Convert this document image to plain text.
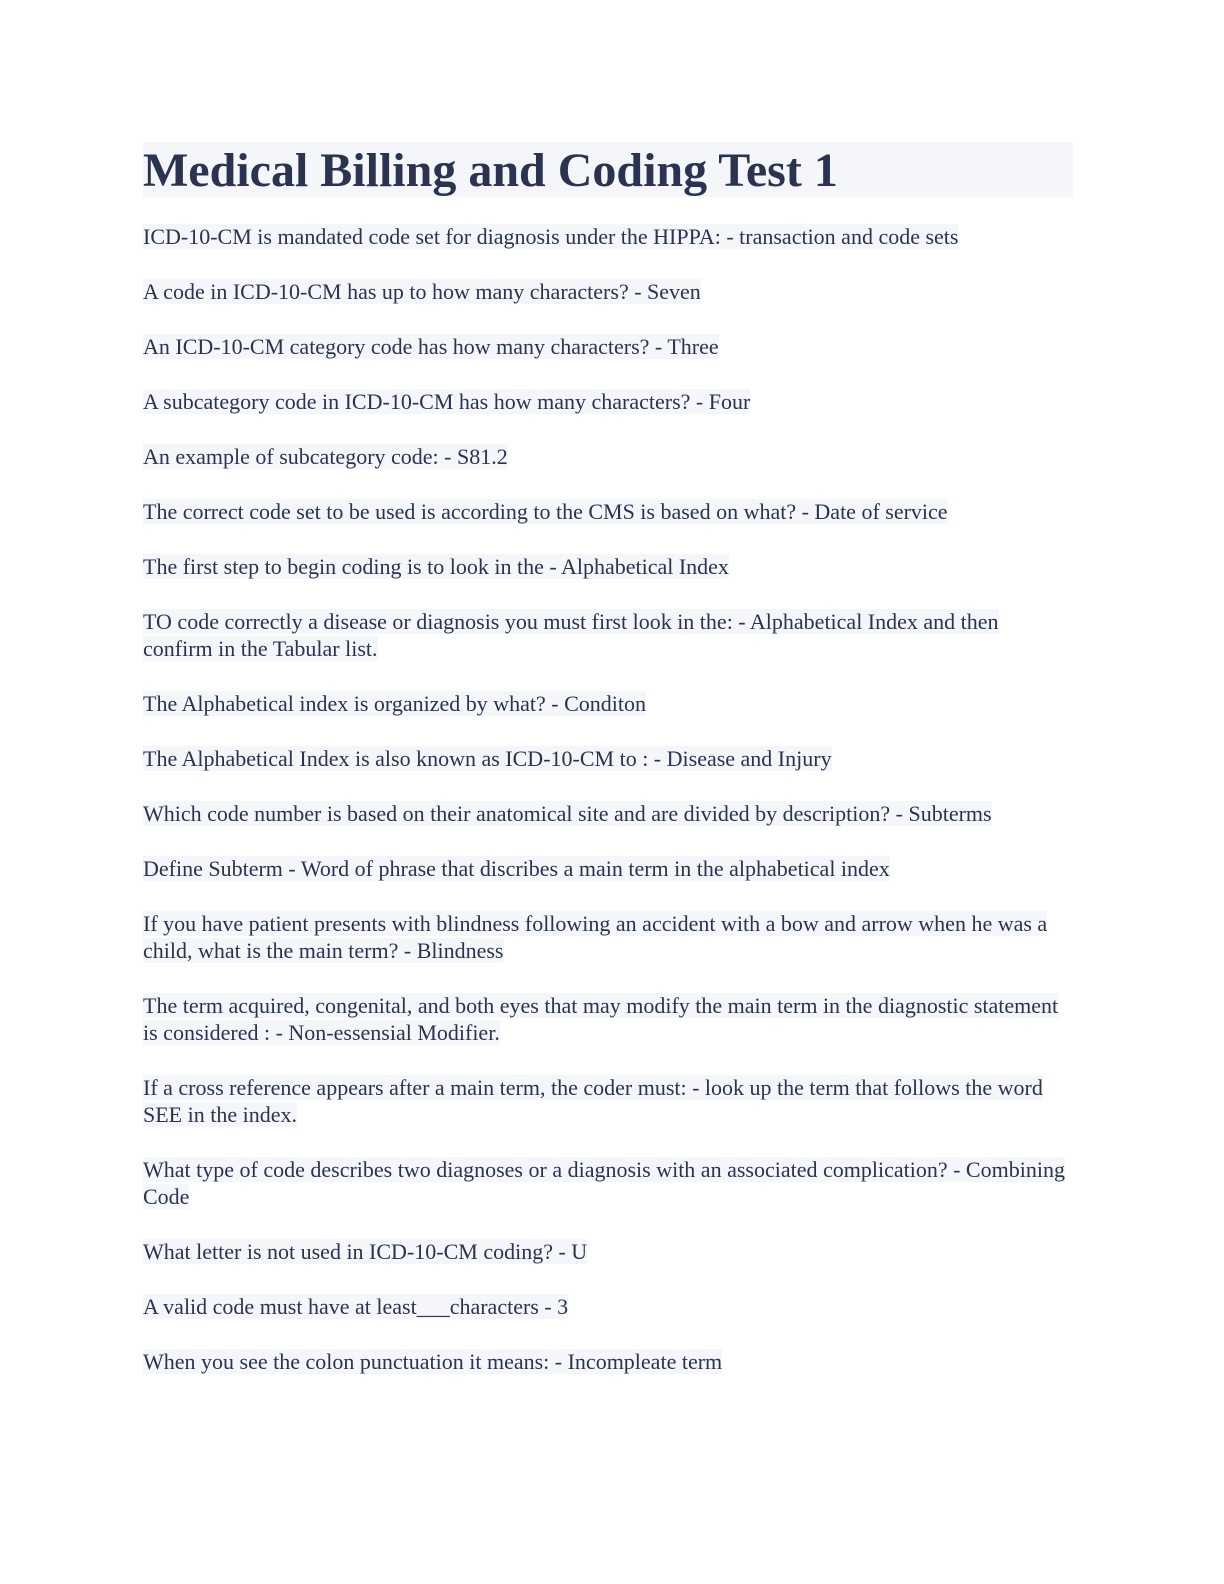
Medical Billing and Coding Test 1

ICD-10-CM is mandated code set for diagnosis under the HIPPA: - transaction and code sets

A code in ICD-10-CM has up to how many characters? - Seven

An ICD-10-CM category code has how many characters? - Three

A subcategory code in ICD-10-CM has how many characters? - Four

An example of subcategory code: - S81.2

The correct code set to be used is according to the CMS is based on what? - Date of service

The first step to begin coding is to look in the - Alphabetical Index

TO code correctly a disease or diagnosis you must first look in the: - Alphabetical Index and then confirm in the Tabular list.

The Alphabetical index is organized by what? - Conditon

The Alphabetical Index is also known as ICD-10-CM to : - Disease and Injury

Which code number is based on their anatomical site and are divided by description? - Subterms

Define Subterm - Word of phrase that discribes a main term in the alphabetical index

If you have patient presents with blindness following an accident with a bow and arrow when he was a child, what is the main term? - Blindness

The term acquired, congenital, and both eyes that may modify the main term in the diagnostic statement is considered : - Non-essensial Modifier.

If a cross reference appears after a main term, the coder must: - look up the term that follows the word SEE in the index.

What type of code describes two diagnoses or a diagnosis with an associated complication? - Combining Code

What letter is not used in ICD-10-CM coding? - U

A valid code must have at least___characters - 3

When you see the colon punctuation it means: - Incompleate term
